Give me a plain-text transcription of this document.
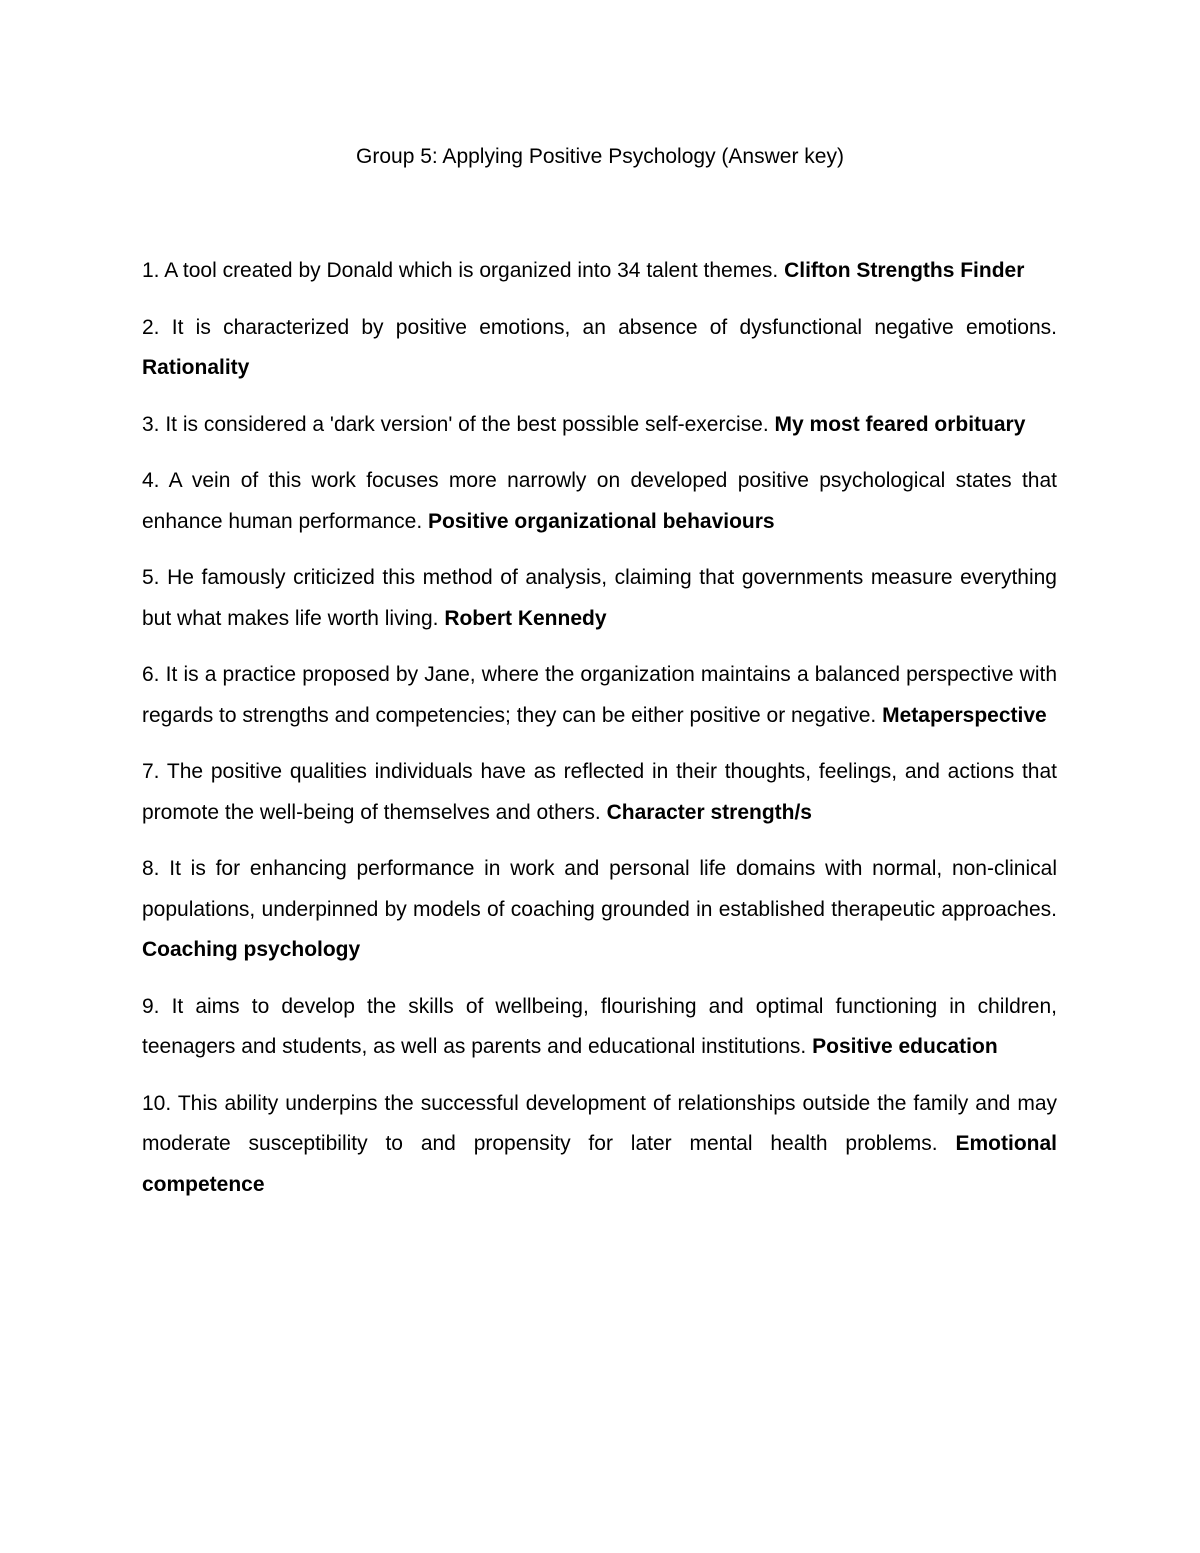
Group 5: Applying Positive Psychology (Answer key)
1. A tool created by Donald which is organized into 34 talent themes. Clifton Strengths Finder
2. It is characterized by positive emotions, an absence of dysfunctional negative emotions. Rationality
3. It is considered a 'dark version' of the best possible self-exercise. My most feared orbituary
4. A vein of this work focuses more narrowly on developed positive psychological states that enhance human performance. Positive organizational behaviours
5. He famously criticized this method of analysis, claiming that governments measure everything but what makes life worth living. Robert Kennedy
6. It is a practice proposed by Jane, where the organization maintains a balanced perspective with regards to strengths and competencies; they can be either positive or negative. Metaperspective
7. The positive qualities individuals have as reflected in their thoughts, feelings, and actions that promote the well-being of themselves and others. Character strength/s
8. It is for enhancing performance in work and personal life domains with normal, non-clinical populations, underpinned by models of coaching grounded in established therapeutic approaches. Coaching psychology
9. It aims to develop the skills of wellbeing, flourishing and optimal functioning in children, teenagers and students, as well as parents and educational institutions. Positive education
10. This ability underpins the successful development of relationships outside the family and may moderate susceptibility to and propensity for later mental health problems. Emotional competence
